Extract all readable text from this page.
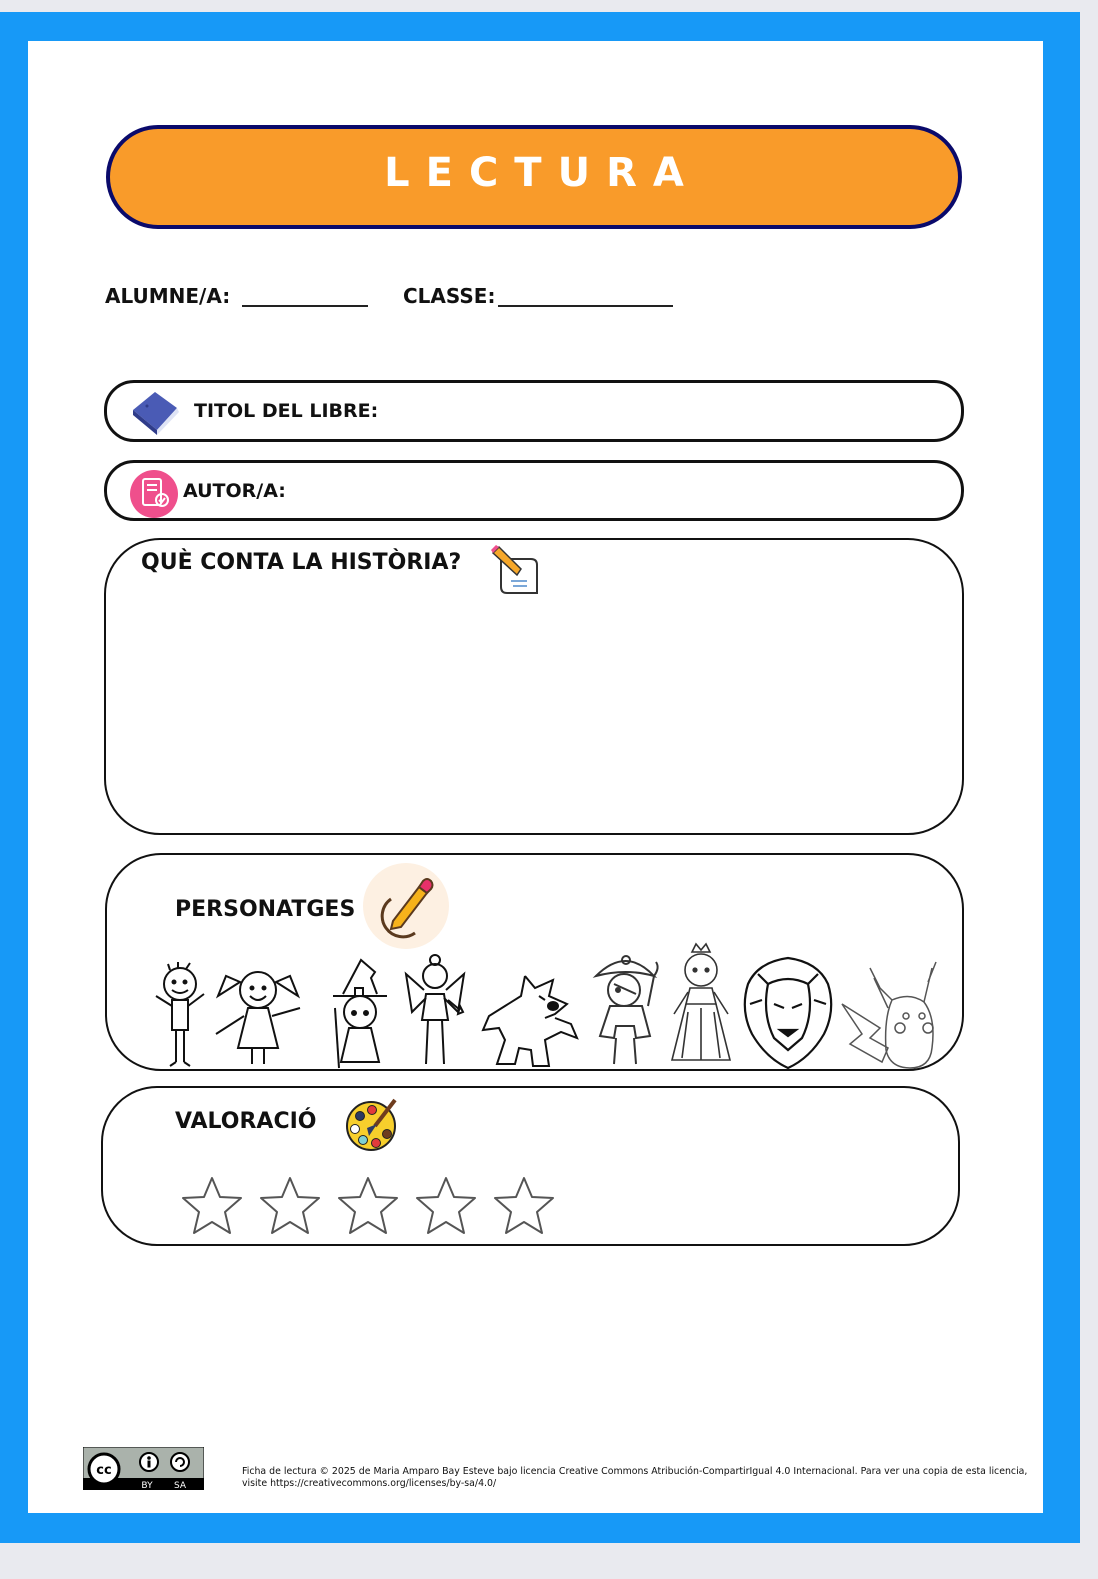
LECTURA
ALUMNE/A:	CLASSE:
TITOL DEL LIBRE:
AUTOR/A:
QUÈ CONTA LA HISTÒRIA?
PERSONATGES
VALORACIÓ
cc
BY SA
Ficha de lectura © 2025 de Maria Amparo Bay Esteve bajo licencia Creative Commons Atribución-CompartirIgual 4.0 Internacional. Para ver una copia de esta licencia, visite https://creativecommons.org/licenses/by-sa/4.0/
